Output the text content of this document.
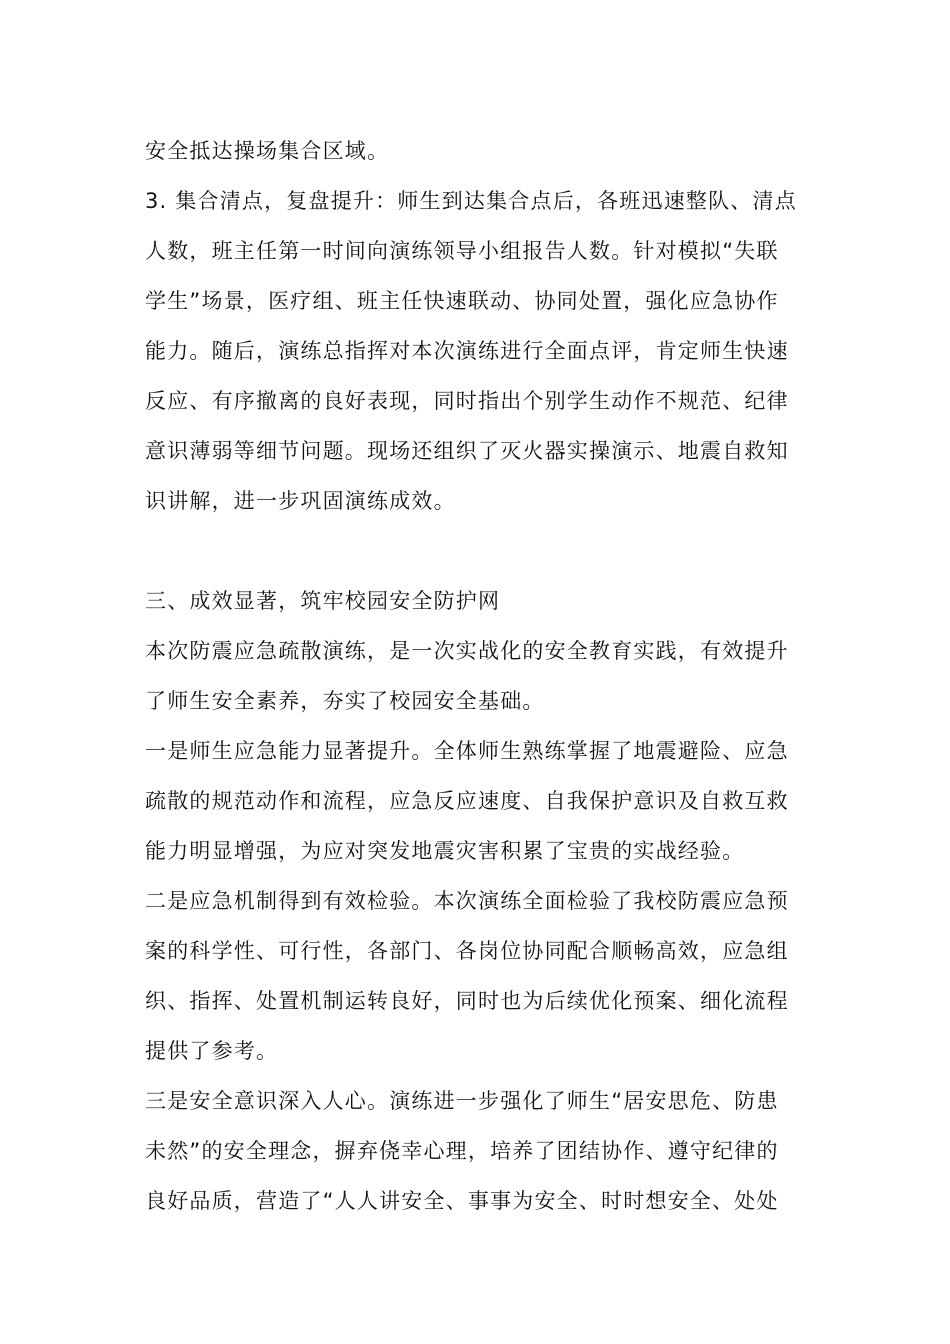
安全抵达操场集合区域。
3. 集合清点，复盘提升：师生到达集合点后，各班迅速整队、清点
人数，班主任第一时间向演练领导小组报告人数。针对模拟“失联
学生”场景，医疗组、班主任快速联动、协同处置，强化应急协作
能力。随后，演练总指挥对本次演练进行全面点评，肯定师生快速
反应、有序撤离的良好表现，同时指出个别学生动作不规范、纪律
意识薄弱等细节问题。现场还组织了灭火器实操演示、地震自救知
识讲解，进一步巩固演练成效。
三、成效显著，筑牢校园安全防护网
本次防震应急疏散演练，是一次实战化的安全教育实践，有效提升
了师生安全素养，夯实了校园安全基础。
一是师生应急能力显著提升。全体师生熟练掌握了地震避险、应急
疏散的规范动作和流程，应急反应速度、自我保护意识及自救互救
能力明显增强，为应对突发地震灾害积累了宝贵的实战经验。
二是应急机制得到有效检验。本次演练全面检验了我校防震应急预
案的科学性、可行性，各部门、各岗位协同配合顺畅高效，应急组
织、指挥、处置机制运转良好，同时也为后续优化预案、细化流程
提供了参考。
三是安全意识深入人心。演练进一步强化了师生“居安思危、防患
未然”的安全理念，摒弃侥幸心理，培养了团结协作、遵守纪律的
良好品质，营造了“人人讲安全、事事为安全、时时想安全、处处
